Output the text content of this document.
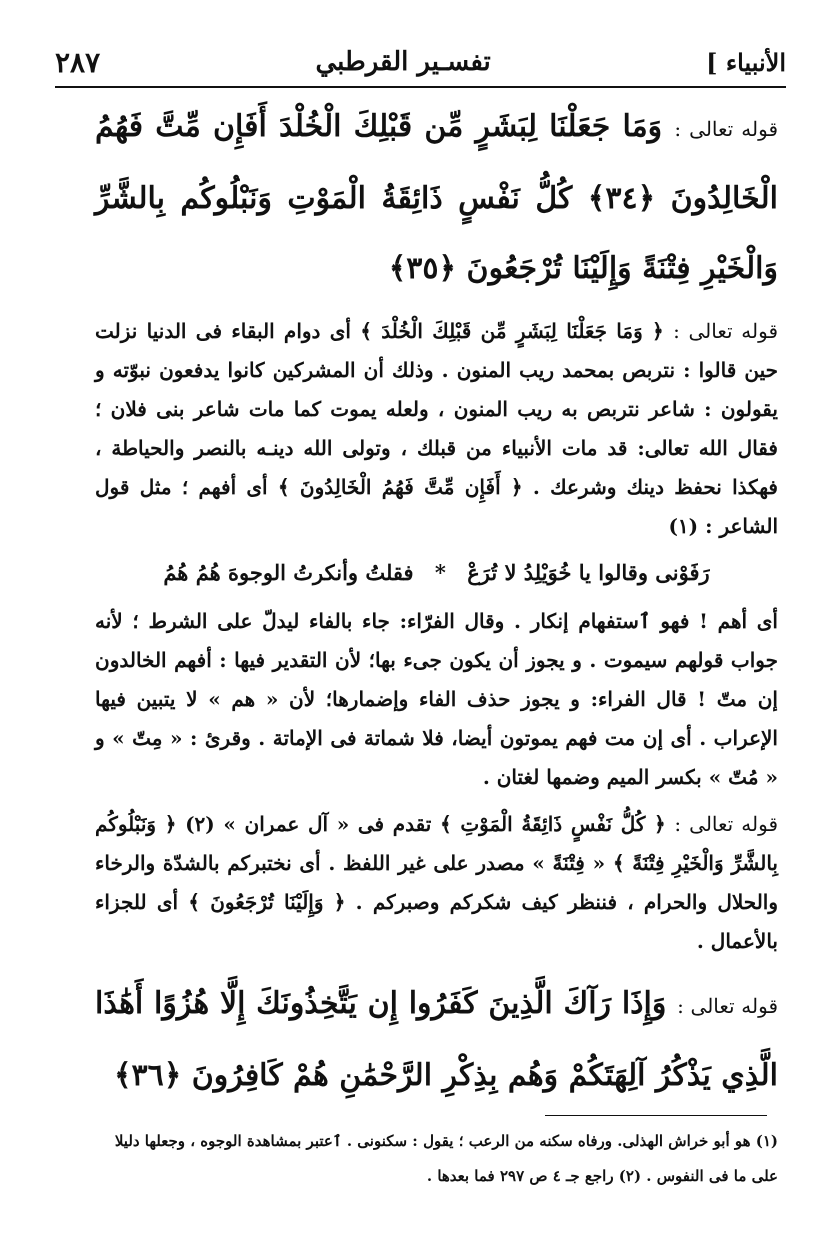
٢٨٧	تفسـير القرطبي	الأنبياء ]

قوله تعالى : وَمَا جَعَلْنَا لِبَشَرٍ مِّن قَبْلِكَ الْخُلْدَ أَفَإِن مِّتَّ فَهُمُ الْخَالِدُونَ ﴿٣٤﴾ كُلُّ نَفْسٍ ذَائِقَةُ الْمَوْتِ وَنَبْلُوكُم بِالشَّرِّ وَالْخَيْرِ فِتْنَةً وَإِلَيْنَا تُرْجَعُونَ ﴿٣٥﴾

قوله تعالى : ﴿ وَمَا جَعَلْنَا لِبَشَرٍ مِّن قَبْلِكَ الْخُلْدَ ﴾ أى دوام البقاء فى الدنيا نزلت حين قالوا : نتربص بمحمد ريب المنون . وذلك أن المشركين كانوا يدفعون نبوّته و يقولون : شاعر نتربص به ريب المنون ، ولعله يموت كما مات شاعر بنى فلان ؛ فقال الله تعالى: قد مات الأنبياء من قبلك ، وتولى الله دينـه بالنصر والحياطة ، فهكذا نحفظ دينك وشرعك . ﴿ أَفَإِن مِّتَّ فَهُمُ الْخَالِدُونَ ﴾ أى أفهم ؛ مثل قول الشاعر : (١)

رَفَوْنى وقالوا يا خُوَيْلِدُ لا تُرَعْ * فقلتُ وأنكرتُ الوجوهَ هُمُ هُمُ

أى أهم ! فهو ٱستفهام إنكار . وقال الفرّاء: جاء بالفاء ليدلّ على الشرط ؛ لأنه جواب قولهم سيموت . و يجوز أن يكون جىء بها؛ لأن التقدير فيها : أفهم الخالدون إن متّ ! قال الفراء: و يجوز حذف الفاء وإضمارها؛ لأن « هم » لا يتبين فيها الإعراب . أى إن مت فهم يموتون أيضا، فلا شماتة فى الإماتة . وقرئ : « مِتّ » و « مُتّ » بكسر الميم وضمها لغتان .

قوله تعالى : ﴿ كُلُّ نَفْسٍ ذَائِقَةُ الْمَوْتِ ﴾ تقدم فى « آل عمران » (٢) ﴿ وَنَبْلُوكُم بِالشَّرِّ وَالْخَيْرِ فِتْنَةً ﴾ « فِتْنَةً » مصدر على غير اللفظ . أى نختبركم بالشدّة والرخاء والحلال والحرام ، فننظر كيف شكركم وصبركم . ﴿ وَإِلَيْنَا تُرْجَعُونَ ﴾ أى للجزاء بالأعمال .

قوله تعالى : وَإِذَا رَآكَ الَّذِينَ كَفَرُوا إِن يَتَّخِذُونَكَ إِلَّا هُزُوًا أَهَٰذَا الَّذِي يَذْكُرُ آلِهَتَكُمْ وَهُم بِذِكْرِ الرَّحْمَٰنِ هُمْ كَافِرُونَ ﴿٣٦﴾

(١) هو أبو خراش الهذلى. ورفاه سكنه من الرعب ؛ يقول : سكنونى . ٱعتبر بمشاهدة الوجوه ، وجعلها دليلا
على ما فى النفوس . (٢) راجع جـ ٤ ص ٢٩٧ فما بعدها .
